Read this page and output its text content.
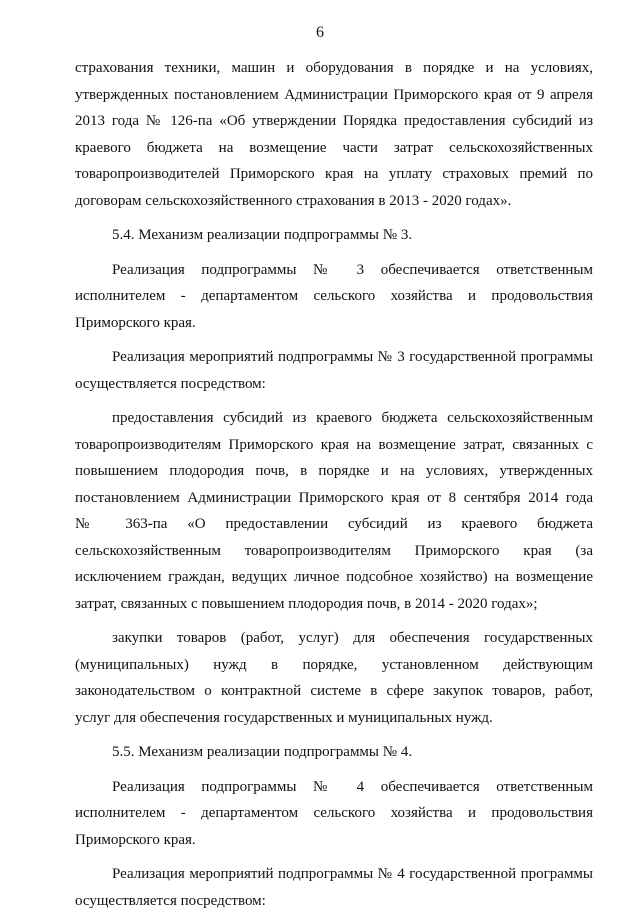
6
страхования техники, машин и оборудования в порядке и на условиях,
утвержденных постановлением Администрации Приморского края от 9 апреля
2013 года № 126-па «Об утверждении Порядка предоставления субсидий из
краевого бюджета на возмещение части затрат сельскохозяйственных
товаропроизводителей Приморского края на уплату страховых премий по
договорам сельскохозяйственного страхования в 2013 - 2020 годах».
5.4. Механизм реализации подпрограммы № 3.
Реализация подпрограммы № 3 обеспечивается ответственным
исполнителем - департаментом сельского хозяйства и продовольствия
Приморского края.
Реализация мероприятий подпрограммы № 3 государственной программы
осуществляется посредством:
предоставления субсидий из краевого бюджета сельскохозяйственным
товаропроизводителям Приморского края на возмещение затрат, связанных с
повышением плодородия почв, в порядке и на условиях, утвержденных
постановлением Администрации Приморского края от 8 сентября 2014 года
№ 363-па «О предоставлении субсидий из краевого бюджета
сельскохозяйственным товаропроизводителям Приморского края (за
исключением граждан, ведущих личное подсобное хозяйство) на возмещение
затрат, связанных с повышением плодородия почв, в 2014 - 2020 годах»;
закупки товаров (работ, услуг) для обеспечения государственных
(муниципальных) нужд в порядке, установленном действующим
законодательством о контрактной системе в сфере закупок товаров, работ,
услуг для обеспечения государственных и муниципальных нужд.
5.5. Механизм реализации подпрограммы № 4.
Реализация подпрограммы № 4 обеспечивается ответственным
исполнителем - департаментом сельского хозяйства и продовольствия
Приморского края.
Реализация мероприятий подпрограммы № 4 государственной программы
осуществляется посредством:
